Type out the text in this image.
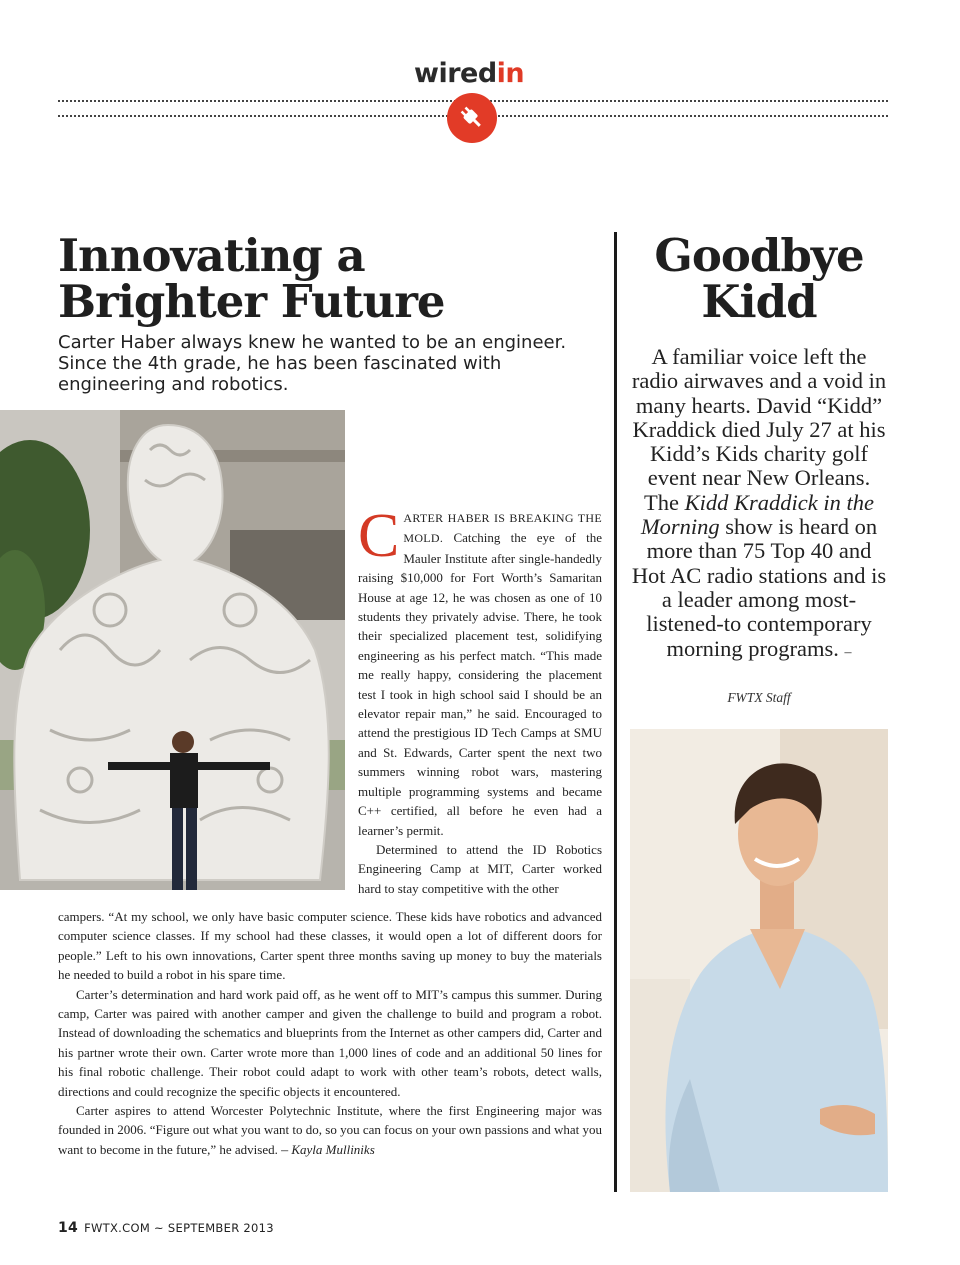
wiredin
Innovating a
Brighter Future
Carter Haber always knew he wanted to be an engineer. Since the 4th grade, he has been fascinated with engineering and robotics.

CARTER HABER IS BREAKING THE MOLD. Catching the eye of the Mauler Institute after single-handedly raising $10,000 for Fort Worth’s Samaritan House at age 12, he was chosen as one of 10 students they privately advise. There, he took their specialized placement test, solidifying engineering as his perfect match. “This made me really happy, considering the placement test I took in high school said I should be an elevator repair man,” he said. Encouraged to attend the prestigious ID Tech Camps at SMU and St. Edwards, Carter spent the next two summers winning robot wars, mastering multiple programming systems and became C++ certified, all before he even had a learner’s permit.

Determined to attend the ID Robotics Engineering Camp at MIT, Carter worked hard to stay competitive with the other

campers. “At my school, we only have basic computer science. These kids have robotics and advanced computer science classes. If my school had these classes, it would open a lot of different doors for people.” Left to his own innovations, Carter spent three months saving up money to buy the materials he needed to build a robot in his spare time.

Carter’s determination and hard work paid off, as he went off to MIT’s campus this summer. During camp, Carter was paired with another camper and given the challenge to build and program a robot. Instead of downloading the schematics and blueprints from the Internet as other campers did, Carter and his partner wrote their own. Carter wrote more than 1,000 lines of code and an additional 50 lines for his final robotic challenge. Their robot could adapt to work with other team’s robots, detect walls, directions and could recognize the specific objects it encountered.

Carter aspires to attend Worcester Polytechnic Institute, where the first Engineering major was founded in 2006. “Figure out what you want to do, so you can focus on your own passions and what you want to become in the future,” he advised. – Kayla Mulliniks

Goodbye
Kidd
A familiar voice left the radio airwaves and a void in many hearts. David “Kidd” Kraddick died July 27 at his Kidd’s Kids charity golf event near New Orleans. The Kidd Kraddick in the Morning show is heard on more than 75 Top 40 and Hot AC radio stations and is a leader among most-listened-to contemporary morning programs. –
FWTX Staff
14 FWTX.COM ~ SEPTEMBER 2013
